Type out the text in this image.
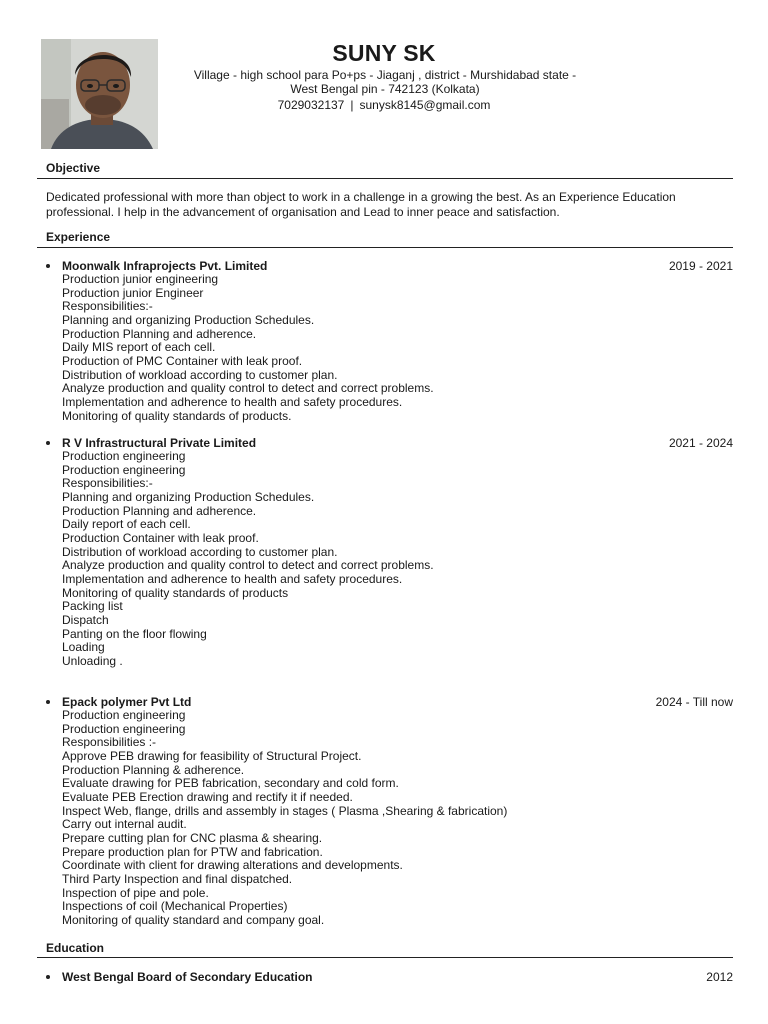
SUNY SK
Village - high school para Po+ps - Jiaganj , district - Murshidabad state - West Bengal pin - 742123 (Kolkata)
7029032137 | sunysk8145@gmail.com
Objective
Dedicated professional with more than object to work in a challenge in a growing the best. As an Experience Education professional. I help in the advancement of organisation and Lead to inner peace and satisfaction.
Experience
Moonwalk Infraprojects Pvt. Limited	2019 - 2021
Production junior engineering
Production junior Engineer
Responsibilities:-
Planning and organizing Production Schedules.
Production Planning and adherence.
Daily MIS report of each cell.
Production of PMC Container with leak proof.
Distribution of workload according to customer plan.
Analyze production and quality control to detect and correct problems.
Implementation and adherence to health and safety procedures.
Monitoring of quality standards of products.
R V Infrastructural Private Limited	2021 - 2024
Production engineering
Production engineering
Responsibilities:-
Planning and organizing Production Schedules.
Production Planning and adherence.
Daily report of each cell.
Production Container with leak proof.
Distribution of workload according to customer plan.
Analyze production and quality control to detect and correct problems.
Implementation and adherence to health and safety procedures.
Monitoring of quality standards of products
Packing list
Dispatch
Panting on the floor flowing
Loading
Unloading .
Epack polymer Pvt Ltd	2024 - Till now
Production engineering
Production engineering
Responsibilities :-
Approve PEB drawing for feasibility of Structural Project.
Production Planning & adherence.
Evaluate drawing for PEB fabrication, secondary and cold form.
Evaluate PEB Erection drawing and rectify it if needed.
Inspect Web, flange, drills and assembly in stages ( Plasma ,Shearing & fabrication)
Carry out internal audit.
Prepare cutting plan for CNC plasma & shearing.
Prepare production plan for PTW and fabrication.
Coordinate with client for drawing alterations and developments.
Third Party Inspection and final dispatched.
Inspection of pipe and pole.
Inspections of coil (Mechanical Properties)
Monitoring of quality standard and company goal.
Education
West Bengal Board of Secondary Education	2012
